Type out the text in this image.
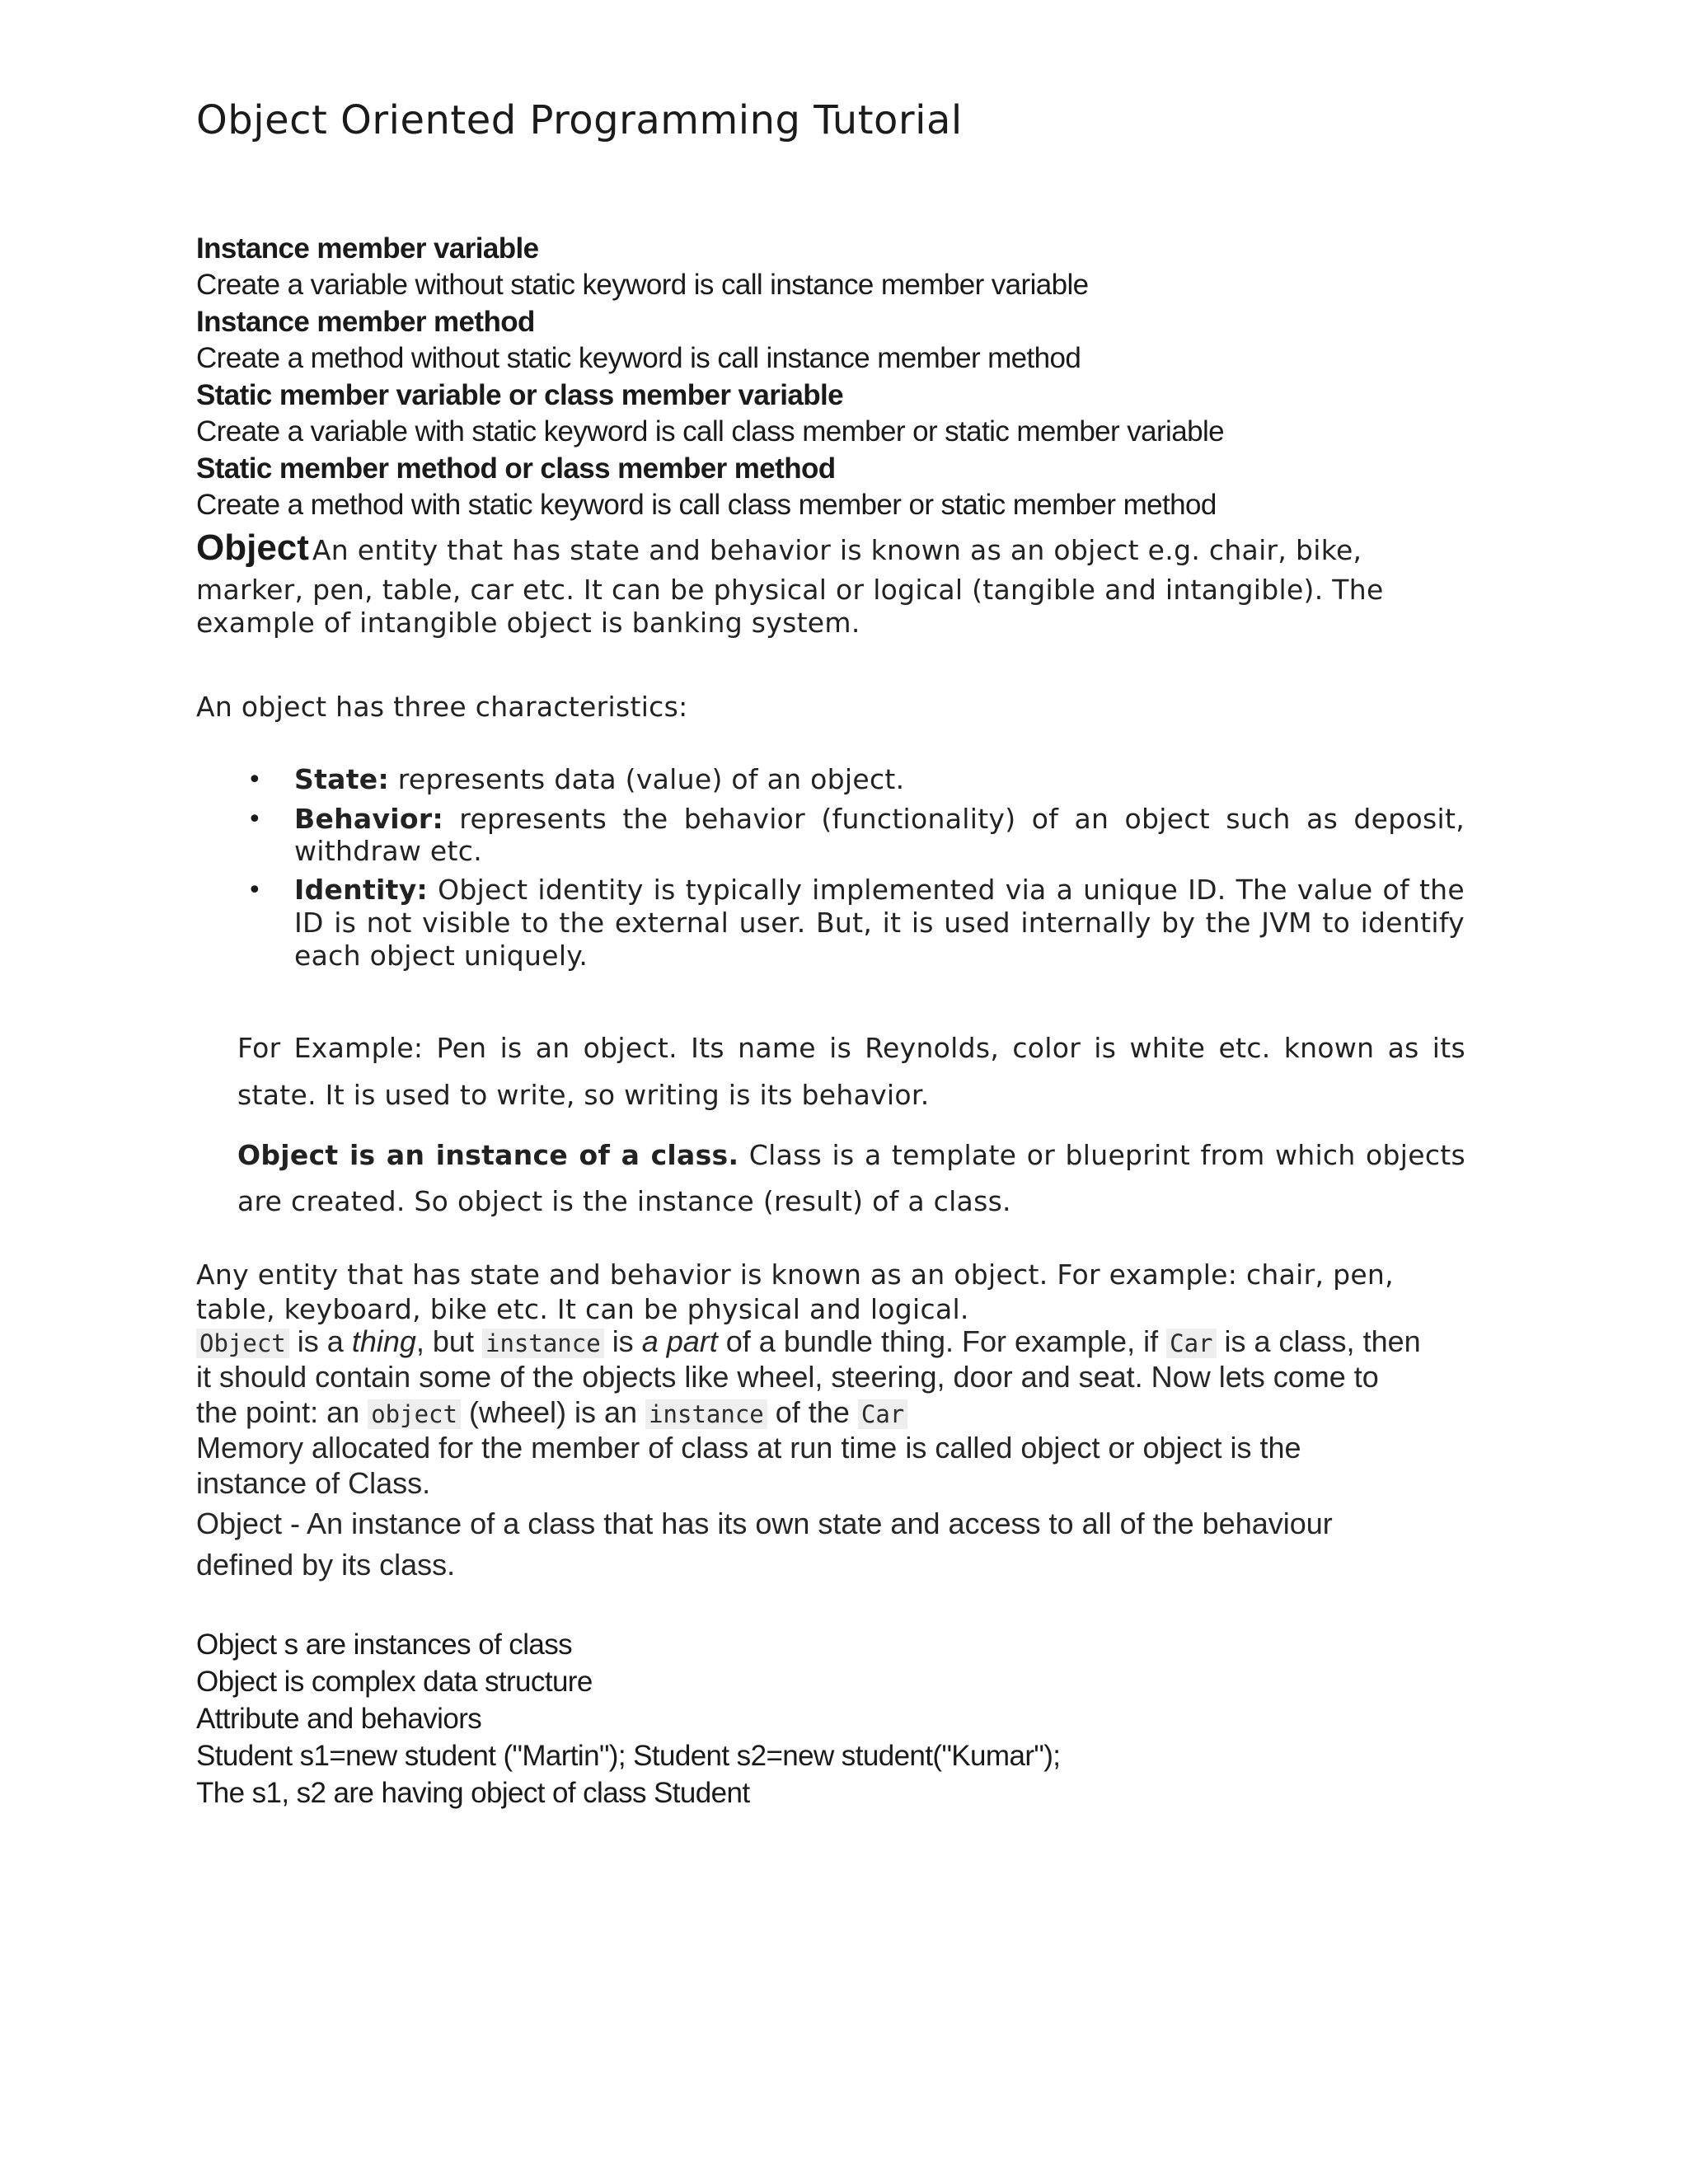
Object Oriented Programming Tutorial
Instance member variable
Create a variable without static keyword is call instance member variable
Instance member method
Create a method without static keyword is call instance member method
Static member variable or class member variable
Create a variable with static keyword is call class member or static member variable
Static member method or class member method
Create a method with static keyword is call class member or static member method
Object An entity that has state and behavior is known as an object e.g. chair, bike,
marker, pen, table, car etc. It can be physical or logical (tangible and intangible). The
example of intangible object is banking system.
An object has three characteristics:
• State: represents data (value) of an object.
• Behavior: represents the behavior (functionality) of an object such as deposit,
withdraw etc.
• Identity: Object identity is typically implemented via a unique ID. The value of the
ID is not visible to the external user. But, it is used internally by the JVM to identify
each object uniquely.
For Example: Pen is an object. Its name is Reynolds, color is white etc. known as its
state. It is used to write, so writing is its behavior.
Object is an instance of a class. Class is a template or blueprint from which objects
are created. So object is the instance (result) of a class.
Any entity that has state and behavior is known as an object. For example: chair, pen,
table, keyboard, bike etc. It can be physical and logical.
Object is a thing, but instance is a part of a bundle thing. For example, if Car is a class, then
it should contain some of the objects like wheel, steering, door and seat. Now lets come to
the point: an object (wheel) is an instance of the Car
Memory allocated for the member of class at run time is called object or object is the
instance of Class.
Object - An instance of a class that has its own state and access to all of the behaviour
defined by its class.
Object s are instances of class
Object is complex data structure
Attribute and behaviors
Student s1=new student ("Martin"); Student s2=new student("Kumar");
The s1, s2 are having object of class Student
